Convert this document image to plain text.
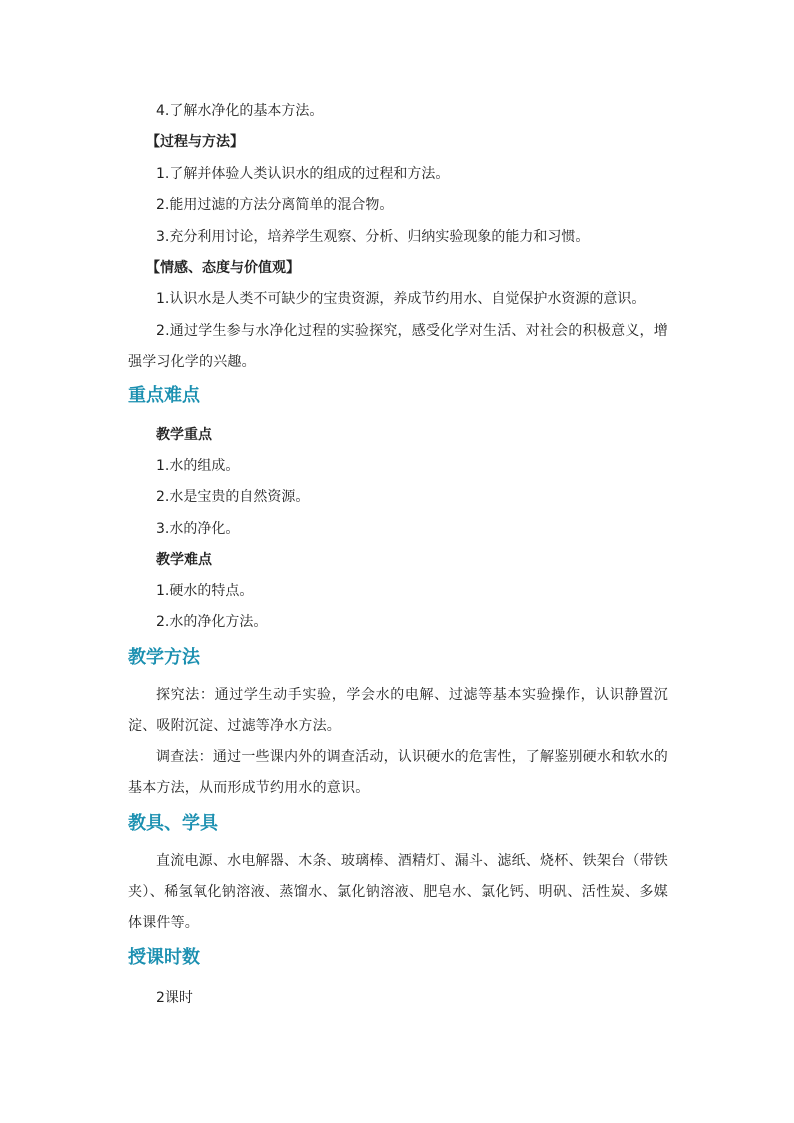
4.了解水净化的基本方法。
【过程与方法】
1.了解并体验人类认识水的组成的过程和方法。
2.能用过滤的方法分离简单的混合物。
3.充分利用讨论，培养学生观察、分析、归纳实验现象的能力和习惯。
【情感、态度与价值观】
1.认识水是人类不可缺少的宝贵资源，养成节约用水、自觉保护水资源的意识。
2.通过学生参与水净化过程的实验探究，感受化学对生活、对社会的积极意义，增强学习化学的兴趣。
重点难点
教学重点
1.水的组成。
2.水是宝贵的自然资源。
3.水的净化。
教学难点
1.硬水的特点。
2.水的净化方法。
教学方法
探究法：通过学生动手实验，学会水的电解、过滤等基本实验操作，认识静置沉淀、吸附沉淀、过滤等净水方法。
调查法：通过一些课内外的调查活动，认识硬水的危害性，了解鉴别硬水和软水的基本方法，从而形成节约用水的意识。
教具、学具
直流电源、水电解器、木条、玻璃棒、酒精灯、漏斗、滤纸、烧杯、铁架台（带铁夹）、稀氢氧化钠溶液、蒸馏水、氯化钠溶液、肥皂水、氯化钙、明矾、活性炭、多媒体课件等。
授课时数
2课时
